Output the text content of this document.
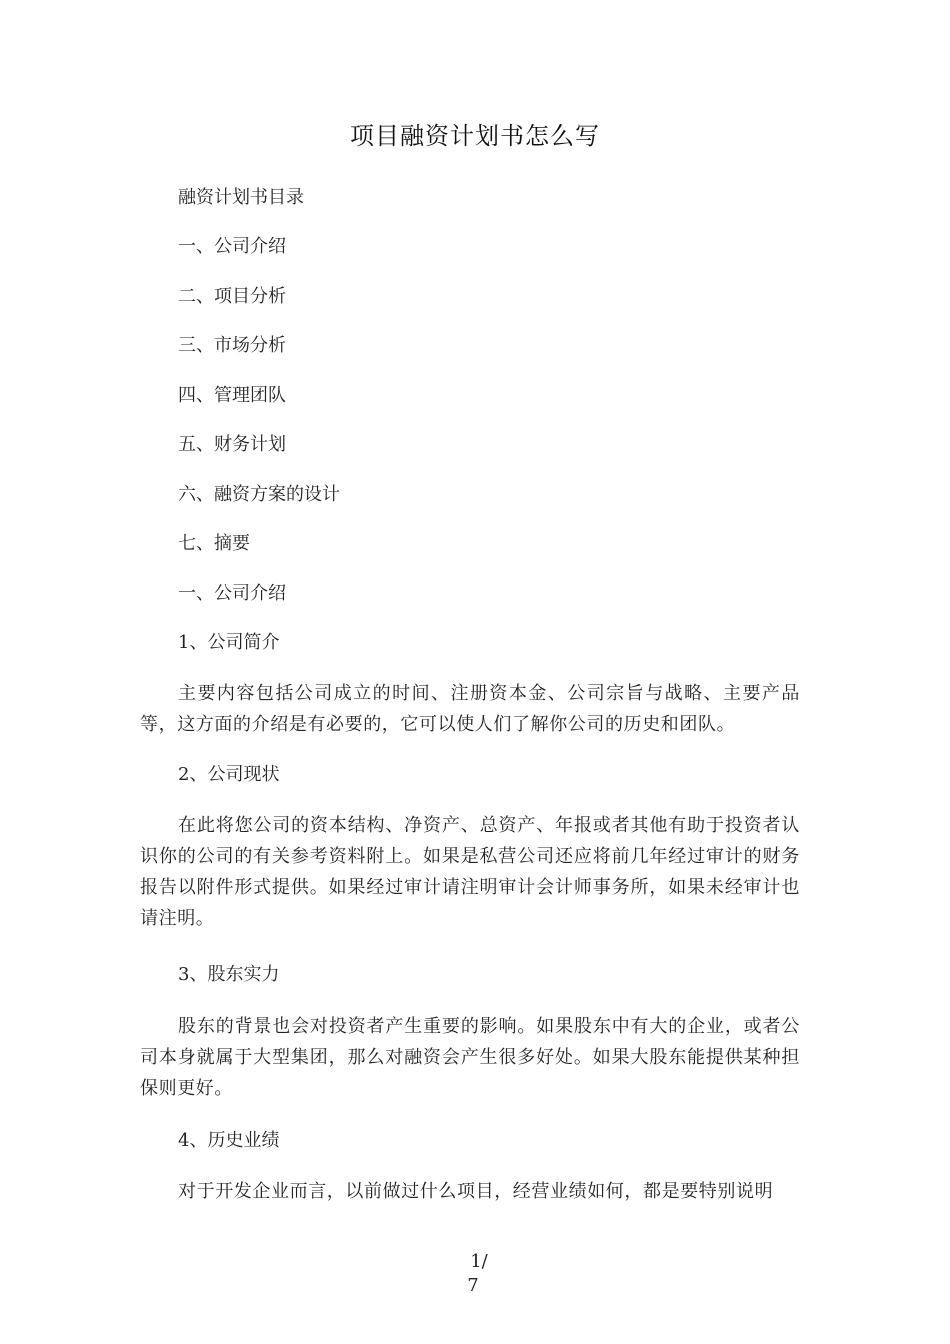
项目融资计划书怎么写
融资计划书目录
一、公司介绍
二、项目分析
三、市场分析
四、管理团队
五、财务计划
六、融资方案的设计
七、摘要
一、公司介绍
1、公司简介
主要内容包括公司成立的时间、注册资本金、公司宗旨与战略、主要产品等，这方面的介绍是有必要的，它可以使人们了解你公司的历史和团队。
2、公司现状
在此将您公司的资本结构、净资产、总资产、年报或者其他有助于投资者认识你的公司的有关参考资料附上。如果是私营公司还应将前几年经过审计的财务报告以附件形式提供。如果经过审计请注明审计会计师事务所，如果未经审计也请注明。
3、股东实力
股东的背景也会对投资者产生重要的影响。如果股东中有大的企业，或者公司本身就属于大型集团，那么对融资会产生很多好处。如果大股东能提供某种担保则更好。
4、历史业绩
对于开发企业而言，以前做过什么项目，经营业绩如何，都是要特别说明
1/
7
